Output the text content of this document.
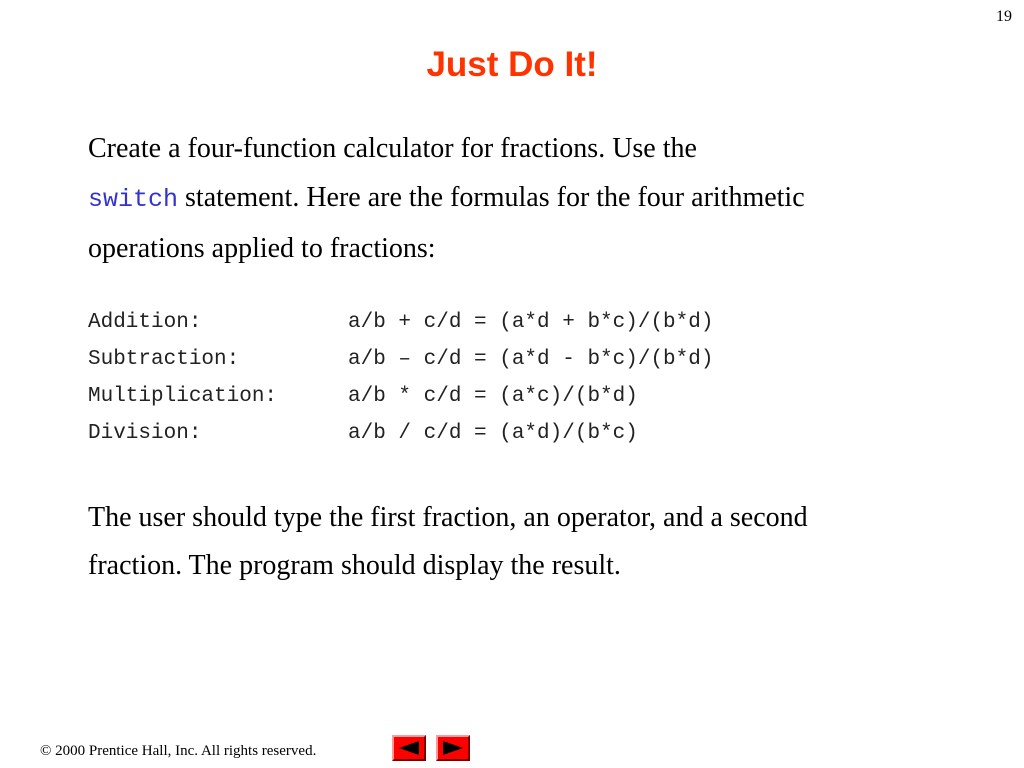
19
Just Do It!

Create a four-function calculator for fractions. Use the
switch statement. Here are the formulas for the four arithmetic operations applied to fractions:

Addition:	a/b + c/d = (a*d + b*c)/(b*d)
Subtraction:	a/b – c/d = (a*d - b*c)/(b*d)
Multiplication:	a/b * c/d = (a*c)/(b*d)
Division:	a/b / c/d = (a*d)/(b*c)

The user should type the first fraction, an operator, and a second fraction. The program should display the result.

© 2000 Prentice Hall, Inc. All rights reserved.
